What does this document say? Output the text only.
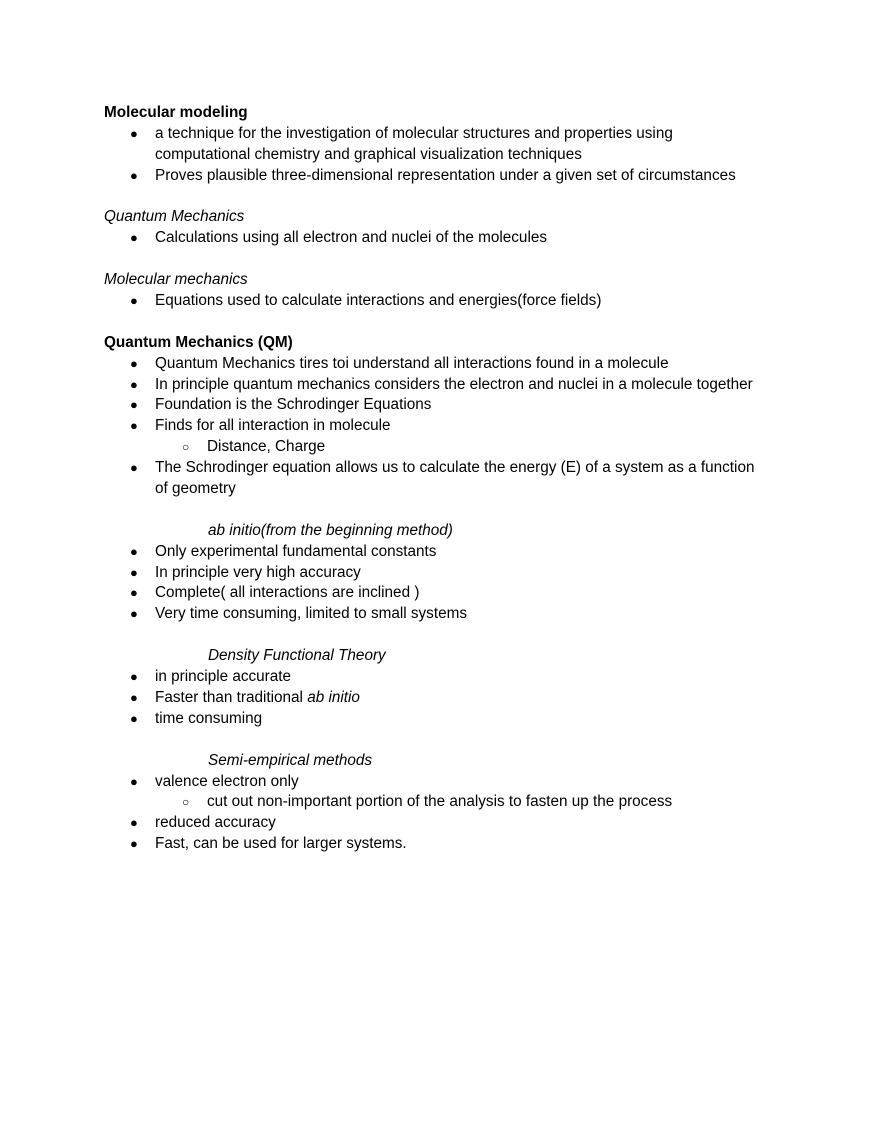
Molecular modeling
● a technique for the investigation of molecular structures and properties using
computational chemistry and graphical visualization techniques
● Proves plausible three-dimensional representation under a given set of circumstances
Quantum Mechanics
● Calculations using all electron and nuclei of the molecules
Molecular mechanics
● Equations used to calculate interactions and energies(force fields)
Quantum Mechanics (QM)
● Quantum Mechanics tires toi understand all interactions found in a molecule
● In principle quantum mechanics considers the electron and nuclei in a molecule together
● Foundation is the Schrodinger Equations
● Finds for all interaction in molecule
○ Distance, Charge
● The Schrodinger equation allows us to calculate the energy (E) of a system as a function
of geometry
ab initio(from the beginning method)
● Only experimental fundamental constants
● In principle very high accuracy
● Complete( all interactions are inclined )
● Very time consuming, limited to small systems
Density Functional Theory
● in principle accurate
● Faster than traditional ab initio
● time consuming
Semi-empirical methods
● valence electron only
○ cut out non-important portion of the analysis to fasten up the process
● reduced accuracy
● Fast, can be used for larger systems.
